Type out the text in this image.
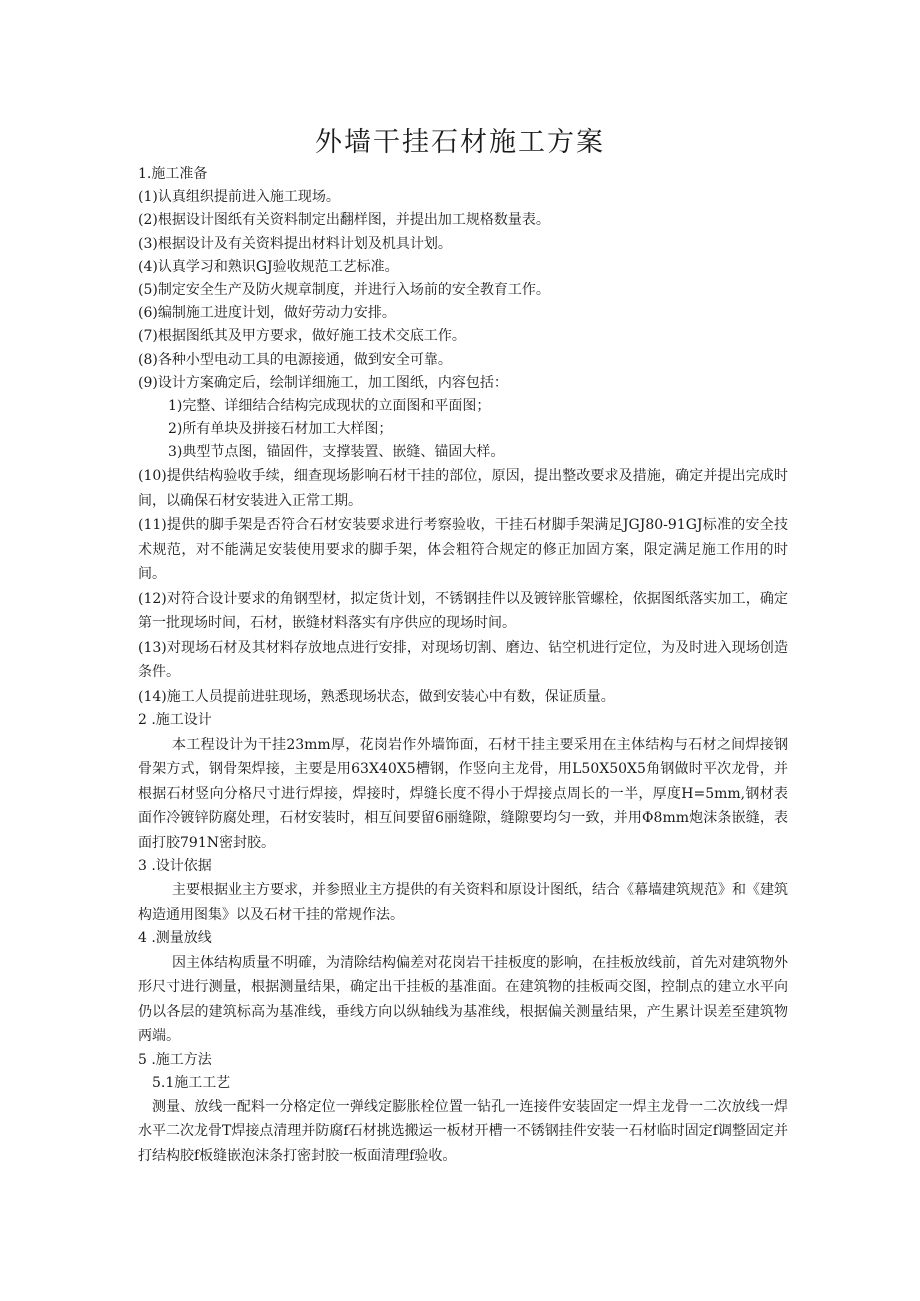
外墙干挂石材施工方案
1.施工准备
(1)认真组织提前进入施工现场。
(2)根据设计图纸有关资料制定出翻样图，并提出加工规格数量表。
(3)根据设计及有关资料提出材料计划及机具计划。
(4)认真学习和熟识GJ验收规范工艺标准。
(5)制定安全生产及防火规章制度，并进行入场前的安全教育工作。
(6)编制施工进度计划，做好劳动力安排。
(7)根据图纸其及甲方要求，做好施工技术交底工作。
(8)各种小型电动工具的电源接通，做到安全可靠。
(9)设计方案确定后，绘制详细施工，加工图纸，内容包括：
1)完整、详细结合结构完成现状的立面图和平面图；
2)所有单块及拼接石材加工大样图；
3)典型节点图，锚固件，支撑装置、嵌缝、锚固大样。

(10)提供结构验收手续，细查现场影响石材干挂的部位，原因，提出整改要求及措施，确定并提出完成时间，以确保石材安装进入正常工期。

(11)提供的脚手架是否符合石材安装要求进行考察验收，干挂石材脚手架满足JGJ80-91GJ标准的安全技术规范，对不能满足安装使用要求的脚手架，体会粗符合规定的修正加固方案，限定满足施工作用的时间。

(12)对符合设计要求的角钢型材，拟定货计划，不锈钢挂件以及镀锌胀管螺栓，依据图纸落实加工，确定第一批现场时间，石材，嵌缝材料落实有序供应的现场时间。

(13)对现场石材及其材料存放地点进行安排，对现场切割、磨边、钻空机进行定位，为及时进入现场创造条件。

(14)施工人员提前进驻现场，熟悉现场状态，做到安装心中有数，保证质量。

2 .施工设计

本工程设计为干挂23mm厚，花岗岩作外墙饰面，石材干挂主要采用在主体结构与石材之间焊接钢骨架方式，钢骨架焊接，主要是用63X40X5槽钢，作竖向主龙骨，用L50X50X5角钢做时平次龙骨，并根据石材竖向分格尺寸进行焊接，焊接时，焊缝长度不得小于焊接点周长的一半，厚度H=5mm,钢材表面作冷镀锌防腐处理，石材安装时，相互间要留6丽缝隙，缝隙要均匀一致，并用Φ8mm炮沫条嵌缝，表面打胶791N密封胶。

3 .设计依据

主要根据业主方要求，并参照业主方提供的有关资料和原设计图纸，结合《幕墙建筑规范》和《建筑构造通用图集》以及石材干挂的常规作法。

4 .测量放线

因主体结构质量不明確，为清除结构偏差对花岗岩干挂板度的影响，在挂板放线前，首先对建筑物外形尺寸进行测量，根据测量结果，确定出干挂板的基准面。在建筑物的挂板両交图，控制点的建立水平向仍以各层的建筑标高为基准线，垂线方向以纵轴线为基准线，根据偏关测量结果，产生累计误差至建筑物两端。

5 .施工方法
5.1施工工艺

测量、放线一配料一分格定位一弹线定膨胀栓位置一钻孔一连接件安装固定一焊主龙骨一二次放线一焊水平二次龙骨T焊接点清理并防腐f石材挑选搬运一板材开槽一不锈钢挂件安装一石材临时固定f调整固定并打结构胶f板缝嵌泡沫条打密封胶一板面清理f验收。
